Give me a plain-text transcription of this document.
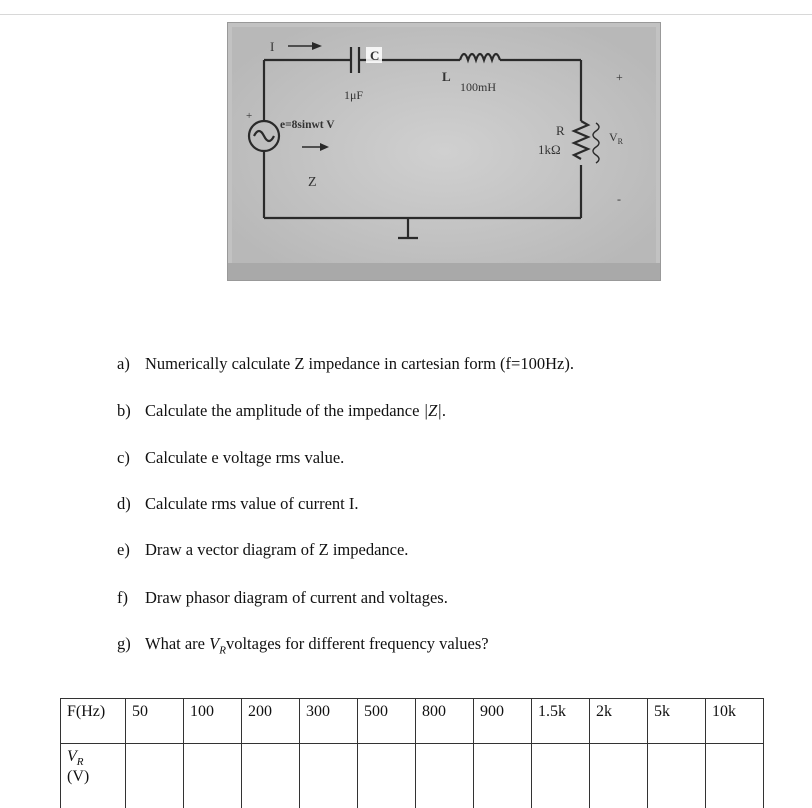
I
C
1μF
L
100mH
e=8sinwt V
Z
+
R
1kΩ
$V_R$
+
-
a) Numerically calculate Z impedance in cartesian form (f=100Hz).
b) Calculate the amplitude of the impedance |Z|.
c) Calculate e voltage rms value.
d) Calculate rms value of current I.
e) Draw a vector diagram of Z impedance.
f) Draw phasor diagram of current and voltages.
g) What are $V_Rvoltages$ for different frequency values?
F(Hz)	50	100	200	300	500	800	900	1.5k	2k	5k	10k
$V_R$
(V)											
